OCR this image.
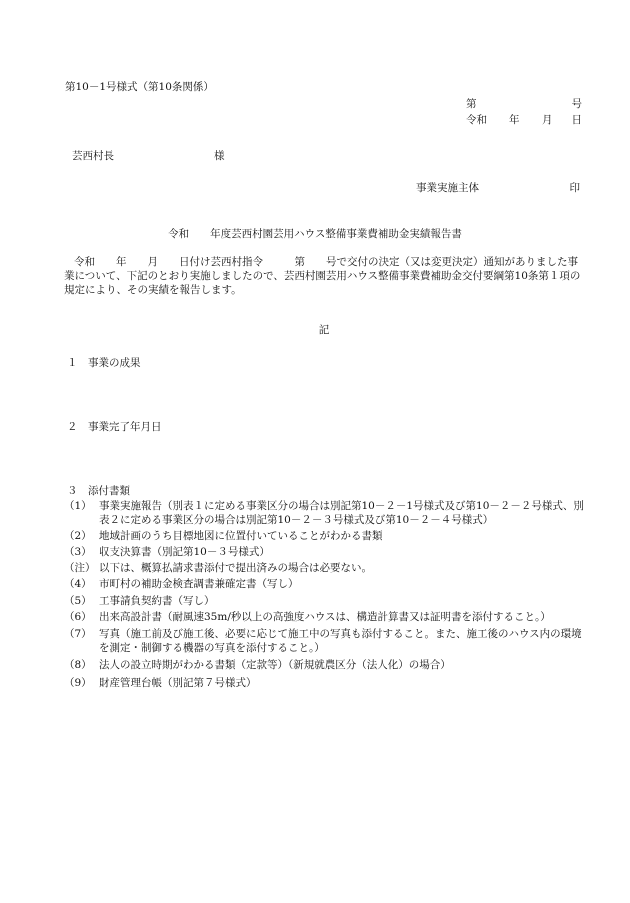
第10－1号様式（第10条関係）
第	号
令和 年 月 日
芸西村長	様
事業実施主体	印
令和　　年度芸西村園芸用ハウス整備事業費補助金実績報告書
令和　　年　　月　　日付け芸西村指令　　　第　　号で交付の決定（又は変更決定）通知がありました事業について、下記のとおり実施しましたので、芸西村園芸用ハウス整備事業費補助金交付要綱第10条第１項の規定により、その実績を報告します。
記
１　事業の成果
２　事業完了年月日
３　添付書類
（1） 事業実施報告（別表１に定める事業区分の場合は別記第10－２－1号様式及び第10－２－２号様式、別表２に定める事業区分の場合は別記第10－２－３号様式及び第10－２－４号様式）
（2） 地域計画のうち目標地図に位置付いていることがわかる書類
（3） 収支決算書（別記第10－３号様式）
（注） 以下は、概算払請求書添付で提出済みの場合は必要ない。
（4） 市町村の補助金検査調書兼確定書（写し）
（5） 工事請負契約書（写し）
（6） 出来高設計書（耐風速35m/秒以上の高強度ハウスは、構造計算書又は証明書を添付すること。）
（7） 写真（施工前及び施工後、必要に応じて施工中の写真も添付すること。また、施工後のハウス内の環境を測定・制御する機器の写真を添付すること。）
（8） 法人の設立時期がわかる書類（定款等）（新規就農区分（法人化）の場合）
（9） 財産管理台帳（別記第７号様式）
